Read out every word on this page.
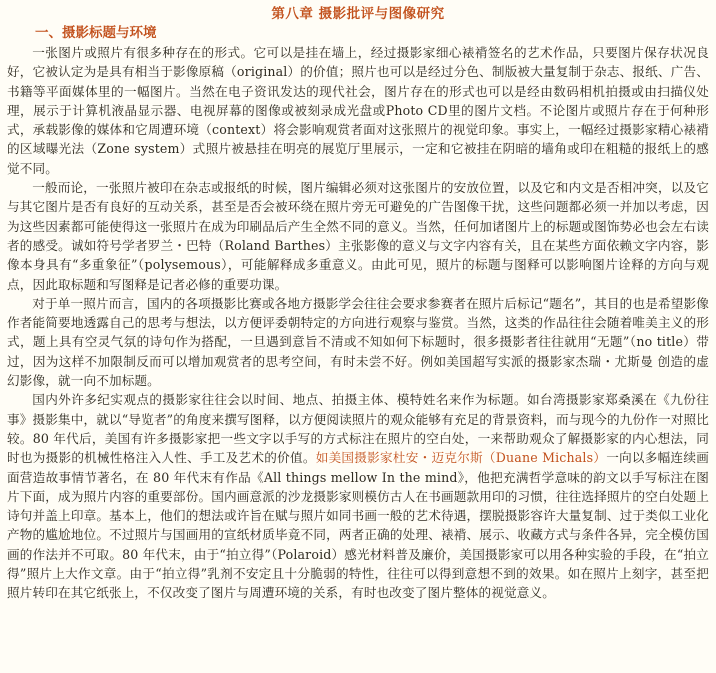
第八章 摄影批评与图像研究
一、摄影标题与环境

一张图片或照片有很多种存在的形式。它可以是挂在墙上，经过摄影家细心裱褙签名的艺术作品，只要图片保存状况良好，它被认定为是具有相当于影像原稿（original）的价值；照片也可以是经过分色、制版被大量复制于杂志、报纸、广告、书籍等平面媒体里的一幅图片。当然在电子资讯发达的现代社会，图片存在的形式也可以是经由数码相机拍摄或由扫描仪处理，展示于计算机液晶显示器、电视屏幕的图像或被刻录成光盘或Photo CD里的图片文档。不论图片或照片存在于何种形式，承载影像的媒体和它周遭环境（context）将会影响观赏者面对这张照片的视觉印象。事实上，一幅经过摄影家精心裱褙的区域曝光法（Zone system）式照片被悬挂在明亮的展览厅里展示，一定和它被挂在阴暗的墙角或印在粗糙的报纸上的感觉不同。

一般而论，一张照片被印在杂志或报纸的时候，图片编辑必须对这张图片的安放位置，以及它和内文是否相冲突，以及它与其它图片是否有良好的互动关系，甚至是否会被环绕在照片旁无可避免的广告图像干扰，这些问题都必须一并加以考虑，因为这些因素都可能使得这一张照片在成为印刷品后产生全然不同的意义。当然，任何加诸图片上的标题或图饰势必也会左右读者的感受。诚如符号学者罗兰・巴特（Roland Barthes）主张影像的意义与文字内容有关，且在某些方面依赖文字内容，影像本身具有“多重象征”（polysemous），可能解释成多重意义。由此可见，照片的标题与图释可以影响图片诠释的方向与观点，因此取标题和写图释是记者必修的重要功课。

对于单一照片而言，国内的各项摄影比赛或各地方摄影学会往往会要求参赛者在照片后标记“题名”，其目的也是希望影像作者能简要地透露自己的思考与想法，以方便评委朝特定的方向进行观察与鉴赏。当然，这类的作品往往会随着唯美主义的形式，题上具有空灵气氛的诗句作为搭配，一旦遇到意旨不清或不知如何下标题时，很多摄影者往往就用“无题”（no title）带过，因为这样不加限制反而可以增加观赏者的思考空间，有时未尝不好。例如美国超写实派的摄影家杰瑞・尤斯曼 创造的虚幻影像，就一向不加标题。

国内外许多纪实观点的摄影家往往会以时间、地点、拍摄主体、模特姓名来作为标题。如台湾摄影家郑桑溪在《九份往事》摄影集中，就以“导览者”的角度来撰写图释，以方便阅读照片的观众能够有充足的背景资料，而与现今的九份作一对照比较。80 年代后，美国有许多摄影家把一些文字以手写的方式标注在照片的空白处，一来帮助观众了解摄影家的内心想法，同时也为摄影的机械性格注入人性、手工及艺术的价值。如美国摄影家杜安・迈克尔斯（Duane Michals）一向以多幅连续画面营造故事情节著名，在 80 年代末有作品《All things mellow In the mind》，他把充满哲学意味的韵文以手写标注在图片下面，成为照片内容的重要部份。国内画意派的沙龙摄影家则模仿古人在书画题款用印的习惯，往往选择照片的空白处题上诗句并盖上印章。基本上，他们的想法或许旨在赋与照片如同书画一般的艺术待遇，摆脱摄影容许大量复制、过于类似工业化产物的尴尬地位。不过照片与国画用的宣纸材质毕竟不同，两者正确的处理、裱褙、展示、收藏方式与条件各异，完全模仿国画的作法并不可取。80 年代末，由于“拍立得”（Polaroid）感光材料普及廉价，美国摄影家可以用各种实验的手段，在“拍立得”照片上大作文章。由于“拍立得”乳剂不安定且十分脆弱的特性，往往可以得到意想不到的效果。如在照片上刻字，甚至把照片转印在其它纸张上，不仅改变了图片与周遭环境的关系，有时也改变了图片整体的视觉意义。
